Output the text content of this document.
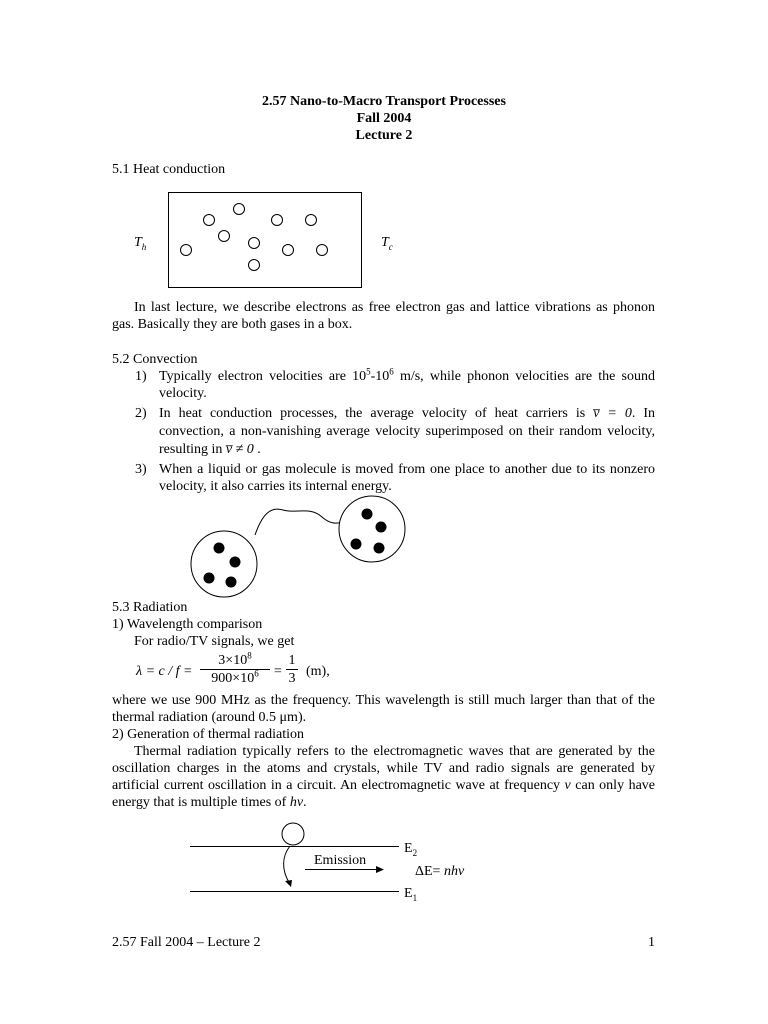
2.57 Nano-to-Macro Transport Processes
Fall 2004
Lecture 2
5.1 Heat conduction
$T_h$	$T_c$
In last lecture, we describe electrons as free electron gas and lattice vibrations as phonon gas. Basically they are both gases in a box.
5.2 Convection
1) Typically electron velocities are $10^5-10^6$ m/s, while phonon velocities are the sound velocity.
2) In heat conduction processes, the average velocity of heat carriers is v̅ = 0. In convection, a non-vanishing average velocity superimposed on their random velocity, resulting in v̅ ≠ 0 .
3) When a liquid or gas molecule is moved from one place to another due to its nonzero velocity, it also carries its internal energy.
5.3 Radiation
1) Wavelength comparison
For radio/TV signals, we get
λ = c / f =
$3\times 10^8$
$900\times 10^6$	=
1
3 (m),
where we use 900 MHz as the frequency. This wavelength is still much larger than that of the thermal radiation (around 0.5 μm).
2) Generation of thermal radiation
Thermal radiation typically refers to the electromagnetic waves that are generated by the oscillation charges in the atoms and crystals, while TV and radio signals are generated by artificial current oscillation in a circuit. An electromagnetic wave at frequency ν can only have energy that is multiple times of hν.
Emission
$E_2$
ΔE= nhν
$E_1$
2.57 Fall 2004 – Lecture 2	1
